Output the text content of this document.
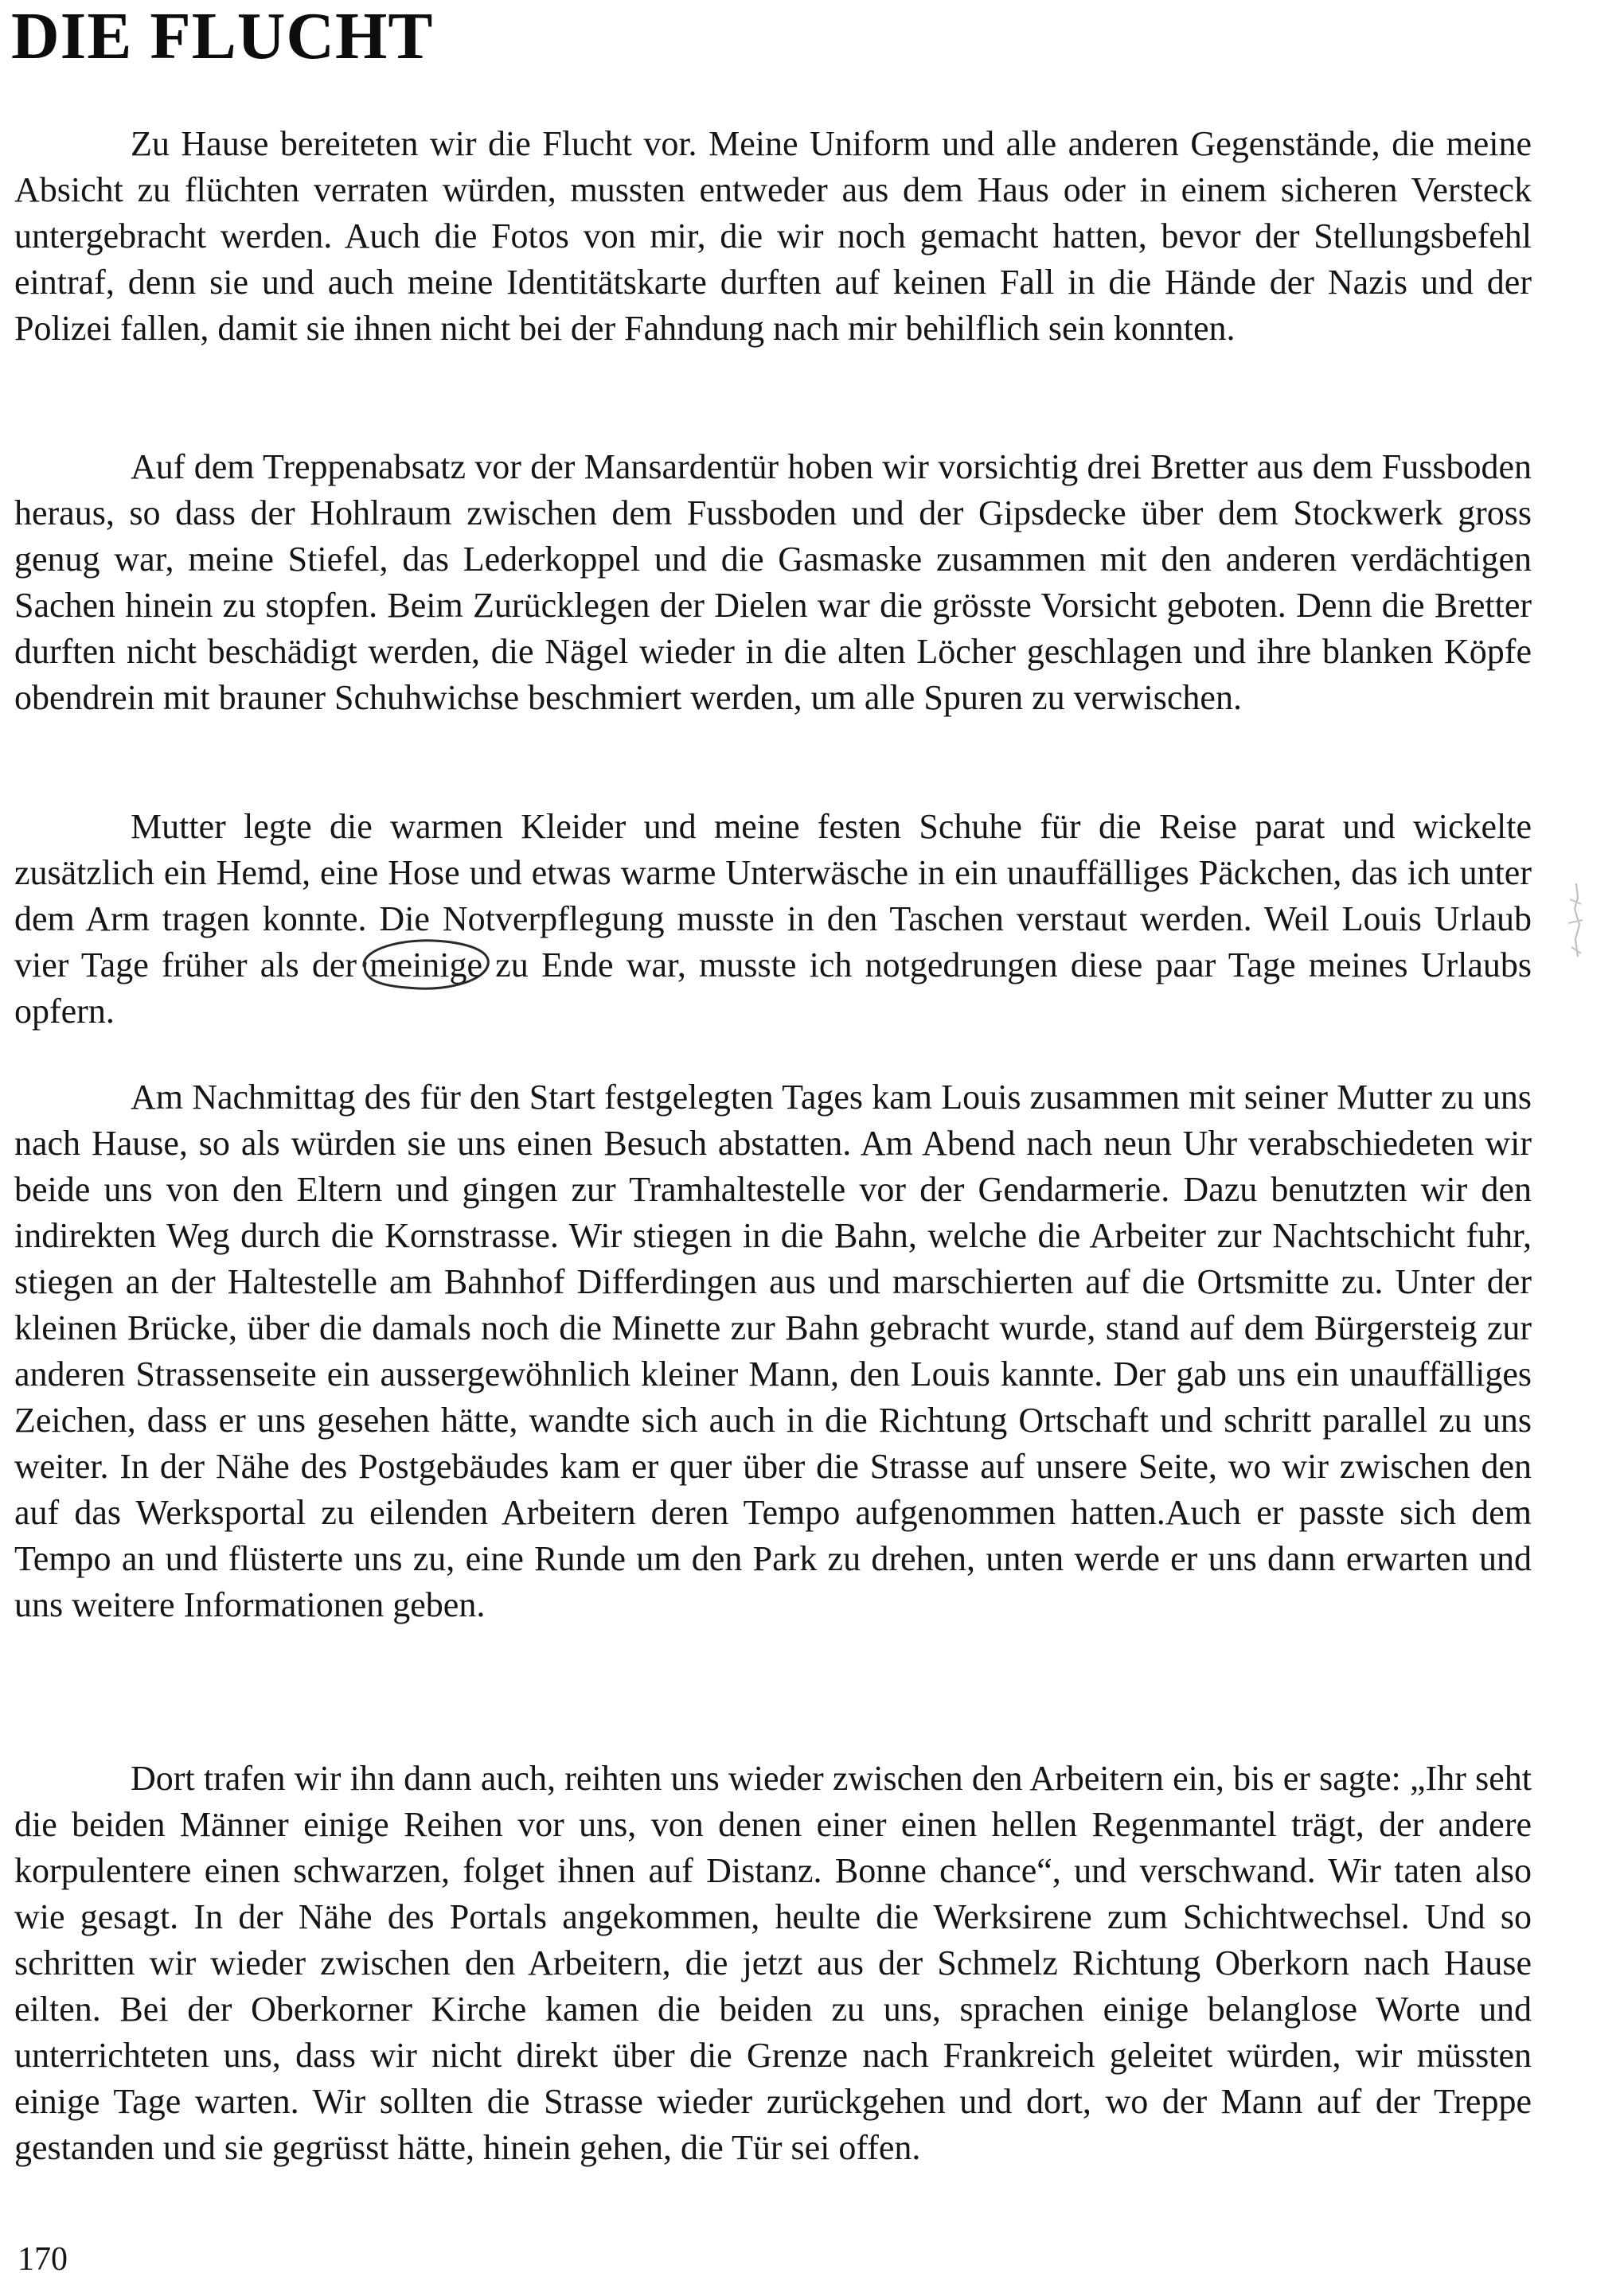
DIE FLUCHT

Zu Hause bereiteten wir die Flucht vor. Meine Uniform und alle anderen Gegenstände, die meine Absicht zu flüchten verraten würden, mussten entweder aus dem Haus oder in einem sicheren Versteck untergebracht werden. Auch die Fotos von mir, die wir noch gemacht hatten, bevor der Stellungsbefehl eintraf, denn sie und auch meine Identitätskarte durften auf keinen Fall in die Hände der Nazis und der Polizei fallen, damit sie ihnen nicht bei der Fahndung nach mir behilflich sein konnten.

Auf dem Treppenabsatz vor der Mansardentür hoben wir vorsichtig drei Bretter aus dem Fussboden heraus, so dass der Hohlraum zwischen dem Fussboden und der Gipsdecke über dem Stockwerk gross genug war, meine Stiefel, das Lederkoppel und die Gasmaske zusammen mit den anderen verdächtigen Sachen hinein zu stopfen. Beim Zurücklegen der Dielen war die grösste Vorsicht geboten. Denn die Bretter durften nicht beschädigt werden, die Nägel wieder in die alten Löcher geschlagen und ihre blanken Köpfe obendrein mit brauner Schuhwichse beschmiert werden, um alle Spuren zu verwischen.

Mutter legte die warmen Kleider und meine festen Schuhe für die Reise parat und wickelte zusätzlich ein Hemd, eine Hose und etwas warme Unterwäsche in ein unauffälliges Päckchen, das ich unter dem Arm tragen konnte. Die Notverpflegung musste in den Taschen verstaut werden. Weil Louis Urlaub vier Tage früher als der meinige zu Ende war, musste ich notgedrungen diese paar Tage meines Urlaubs opfern.

Am Nachmittag des für den Start festgelegten Tages kam Louis zusammen mit seiner Mutter zu uns nach Hause, so als würden sie uns einen Besuch abstatten. Am Abend nach neun Uhr verabschiedeten wir beide uns von den Eltern und gingen zur Tramhaltestelle vor der Gendarmerie. Dazu benutzten wir den indirekten Weg durch die Kornstrasse. Wir stiegen in die Bahn, welche die Arbeiter zur Nachtschicht fuhr, stiegen an der Haltestelle am Bahnhof Differdingen aus und marschierten auf die Ortsmitte zu. Unter der kleinen Brücke, über die damals noch die Minette zur Bahn gebracht wurde, stand auf dem Bürgersteig zur anderen Strassenseite ein aussergewöhnlich kleiner Mann, den Louis kannte. Der gab uns ein unauffälliges Zeichen, dass er uns gesehen hätte, wandte sich auch in die Richtung Ortschaft und schritt parallel zu uns weiter. In der Nähe des Postgebäudes kam er quer über die Strasse auf unsere Seite, wo wir zwischen den auf das Werksportal zu eilenden Arbeitern deren Tempo aufgenommen hatten.Auch er passte sich dem Tempo an und flüsterte uns zu, eine Runde um den Park zu drehen, unten werde er uns dann erwarten und uns weitere Informationen geben.

Dort trafen wir ihn dann auch, reihten uns wieder zwischen den Arbeitern ein, bis er sagte: „Ihr seht die beiden Männer einige Reihen vor uns, von denen einer einen hellen Regenmantel trägt, der andere korpulentere einen schwarzen, folget ihnen auf Distanz. Bonne chance“, und verschwand. Wir taten also wie gesagt. In der Nähe des Portals angekommen, heulte die Werksirene zum Schichtwechsel. Und so schritten wir wieder zwischen den Arbeitern, die jetzt aus der Schmelz Richtung Oberkorn nach Hause eilten. Bei der Oberkorner Kirche kamen die beiden zu uns, sprachen einige belanglose Worte und unterrichteten uns, dass wir nicht direkt über die Grenze nach Frankreich geleitet würden, wir müssten einige Tage warten. Wir sollten die Strasse wieder zurückgehen und dort, wo der Mann auf der Treppe gestanden und sie gegrüsst hätte, hinein gehen, die Tür sei offen.

170
